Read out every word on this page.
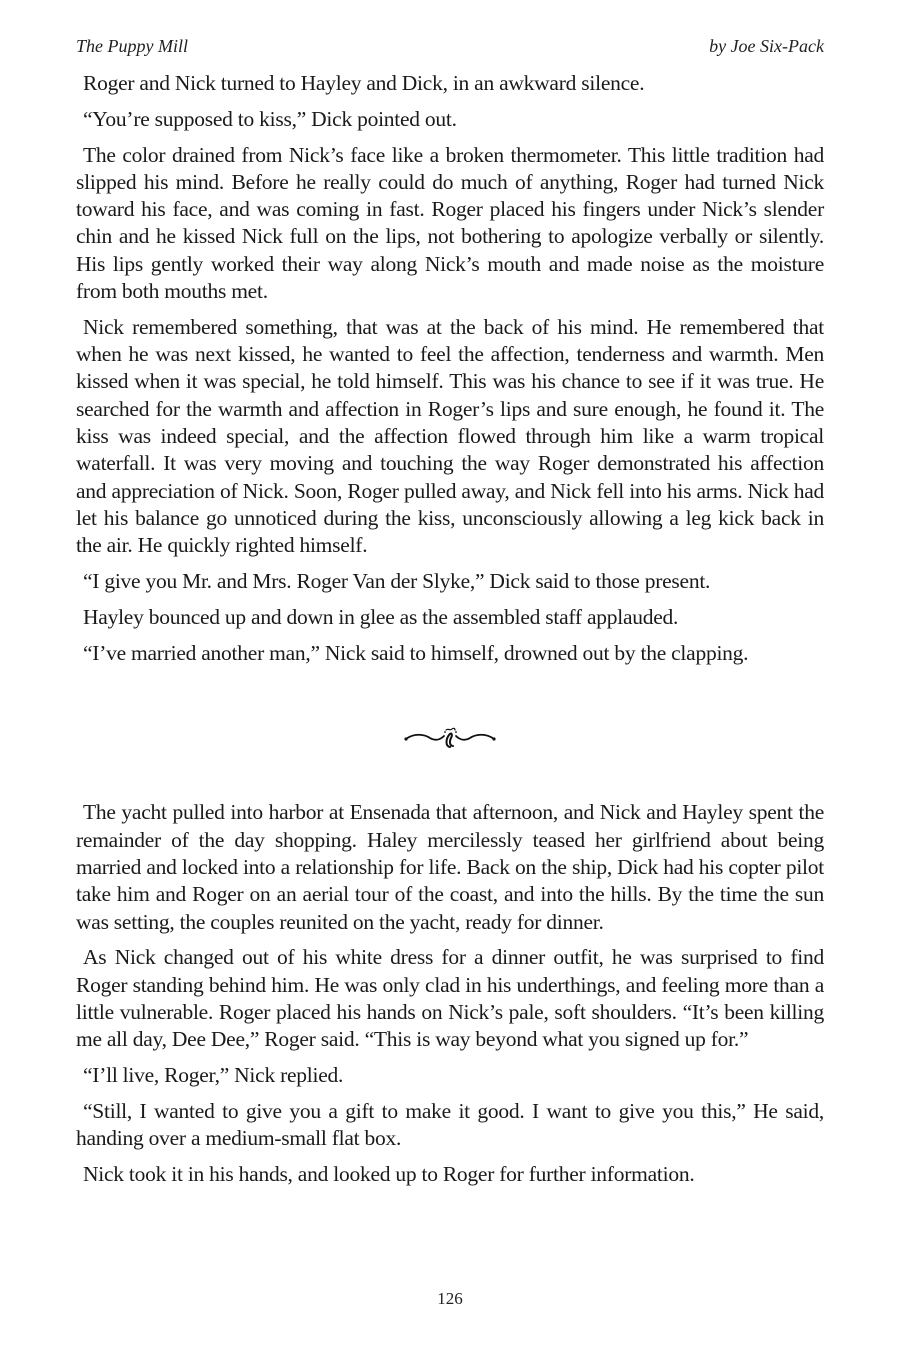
The Puppy Mill	by Joe Six-Pack

Roger and Nick turned to Hayley and Dick, in an awkward silence.

“You’re supposed to kiss,” Dick pointed out.

The color drained from Nick’s face like a broken thermometer. This little tradition had slipped his mind. Before he really could do much of anything, Roger had turned Nick toward his face, and was coming in fast. Roger placed his fingers under Nick’s slender chin and he kissed Nick full on the lips, not bothering to apologize verbally or silently. His lips gently worked their way along Nick’s mouth and made noise as the moisture from both mouths met.

Nick remembered something, that was at the back of his mind. He remembered that when he was next kissed, he wanted to feel the affection, tenderness and warmth. Men kissed when it was special, he told himself. This was his chance to see if it was true. He searched for the warmth and affection in Roger’s lips and sure enough, he found it. The kiss was indeed special, and the affection flowed through him like a warm tropical waterfall. It was very moving and touching the way Roger demonstrated his affection and appreciation of Nick. Soon, Roger pulled away, and Nick fell into his arms. Nick had let his balance go unnoticed during the kiss, unconsciously allowing a leg kick back in the air. He quickly righted himself.

“I give you Mr. and Mrs. Roger Van der Slyke,” Dick said to those present.

Hayley bounced up and down in glee as the assembled staff applauded.

“I’ve married another man,” Nick said to himself, drowned out by the clapping.

The yacht pulled into harbor at Ensenada that afternoon, and Nick and Hayley spent the remainder of the day shopping. Haley mercilessly teased her girlfriend about being married and locked into a relationship for life. Back on the ship, Dick had his copter pilot take him and Roger on an aerial tour of the coast, and into the hills. By the time the sun was setting, the couples reunited on the yacht, ready for dinner.

As Nick changed out of his white dress for a dinner outfit, he was surprised to find Roger standing behind him. He was only clad in his underthings, and feeling more than a little vulnerable. Roger placed his hands on Nick’s pale, soft shoulders. “It’s been killing me all day, Dee Dee,” Roger said. “This is way beyond what you signed up for.”

“I’ll live, Roger,” Nick replied.

“Still, I wanted to give you a gift to make it good. I want to give you this,” He said, handing over a medium-small flat box.

Nick took it in his hands, and looked up to Roger for further information.

126
